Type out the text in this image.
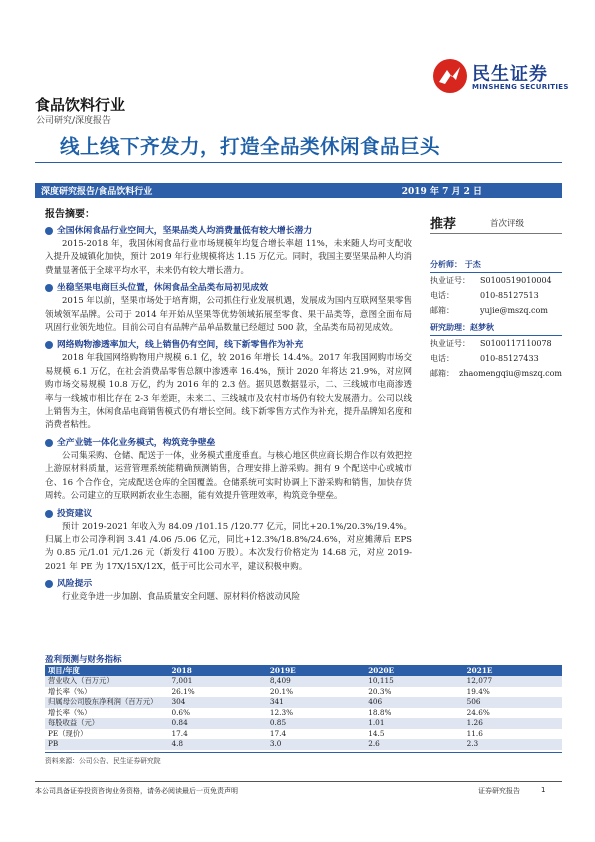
民生证券
MINSHENG SECURITIES
食品饮料行业
公司研究/深度报告
线上线下齐发力，打造全品类休闲食品巨头
深度研究报告/食品饮料行业	2019 年 7 月 2 日
报告摘要：
全国休闲食品行业空间大，坚果品类人均消费量低有较大增长潜力

2015-2018 年，我国休闲食品行业市场规模年均复合增长率超 11%，未来随人均可支配收入提升及城镇化加快，预计 2019 年行业规模将达 1.15 万亿元。同时，我国主要坚果品种人均消费量显著低于全球平均水平，未来仍有较大增长潜力。

坐稳坚果电商巨头位置，休闲食品全品类布局初见成效

2015 年以前，坚果市场处于培育期，公司抓住行业发展机遇，发展成为国内互联网坚果零售领域领军品牌。公司于 2014 年开始从坚果等优势领域拓展至零食、果干品类等，意图全面布局巩固行业领先地位。目前公司自有品牌产品单品数量已经超过 500 款，全品类布局初见成效。

网络购物渗透率加大，线上销售仍有空间，线下新零售作为补充

2018 年我国网络购物用户规模 6.1 亿，较 2016 年增长 14.4%。2017 年我国网购市场交易规模 6.1 万亿，在社会消费品零售总额中渗透率 16.4%，预计 2020 年将达 21.9%，对应网购市场交易规模 10.8 万亿，约为 2016 年的 2.3 倍。据贝恩数据显示，二、三线城市电商渗透率与一线城市相比存在 2-3 年差距，未来二、三线城市及农村市场仍有较大发展潜力。公司以线上销售为主，休闲食品电商销售模式仍有增长空间。线下新零售方式作为补充，提升品牌知名度和消费者粘性。

全产业链一体化业务模式，构筑竞争壁垒

公司集采购、仓储、配送于一体，业务模式重度垂直。与核心地区供应商长期合作以有效把控上游原材料质量，运营管理系统能精确预测销售，合理安排上游采购。拥有 9 个配送中心或城市仓、16 个合作仓，完成配送仓库的全国覆盖。仓储系统可实时协调上下游采购和销售，加快存货周转。公司建立的互联网新农业生态圈，能有效提升管理效率，构筑竞争壁垒。

投资建议

预计 2019-2021 年收入为 84.09 /101.15 /120.77 亿元，同比+20.1%/20.3%/19.4%。归属上市公司净利润 3.41 /4.06 /5.06 亿元，同比+12.3%/18.8%/24.6%，对应摊薄后 EPS 为 0.85 元/1.01 元/1.26 元（新发行 4100 万股）。本次发行价格定为 14.68 元，对应 2019-2021 年 PE 为 17X/15X/12X，低于可比公司水平，建议积极申购。

风险提示

行业竞争进一步加剧、食品质量安全问题、原材料价格波动风险

推荐	首次评级
分析师： 于杰
执业证号：	S0100519010004
电话：	010-85127513
邮箱：	yujie@mszq.com
研究助理：赵梦秋
执业证号：	S0100117110078
电话：	010-85127433
邮箱： zhaomengqiu@mszq.com
盈利预测与财务指标
项目/年度	2018	2019E	2020E	2021E
营业收入（百万元）	7,001	8,409	10,115	12,077
增长率（%）	26.1%	20.1%	20.3%	19.4%
归属母公司股东净利润（百万元）	304	341	406	506
增长率（%）	0.6%	12.3%	18.8%	24.6%
每股收益（元）	0.84	0.85	1.01	1.26
PE（现价）	17.4	17.4	14.5	11.6
PB	4.8	3.0	2.6	2.3
资料来源：公司公告、民生证券研究院
本公司具备证券投资咨询业务资格，请务必阅读最后一页免责声明	证券研究报告	1
